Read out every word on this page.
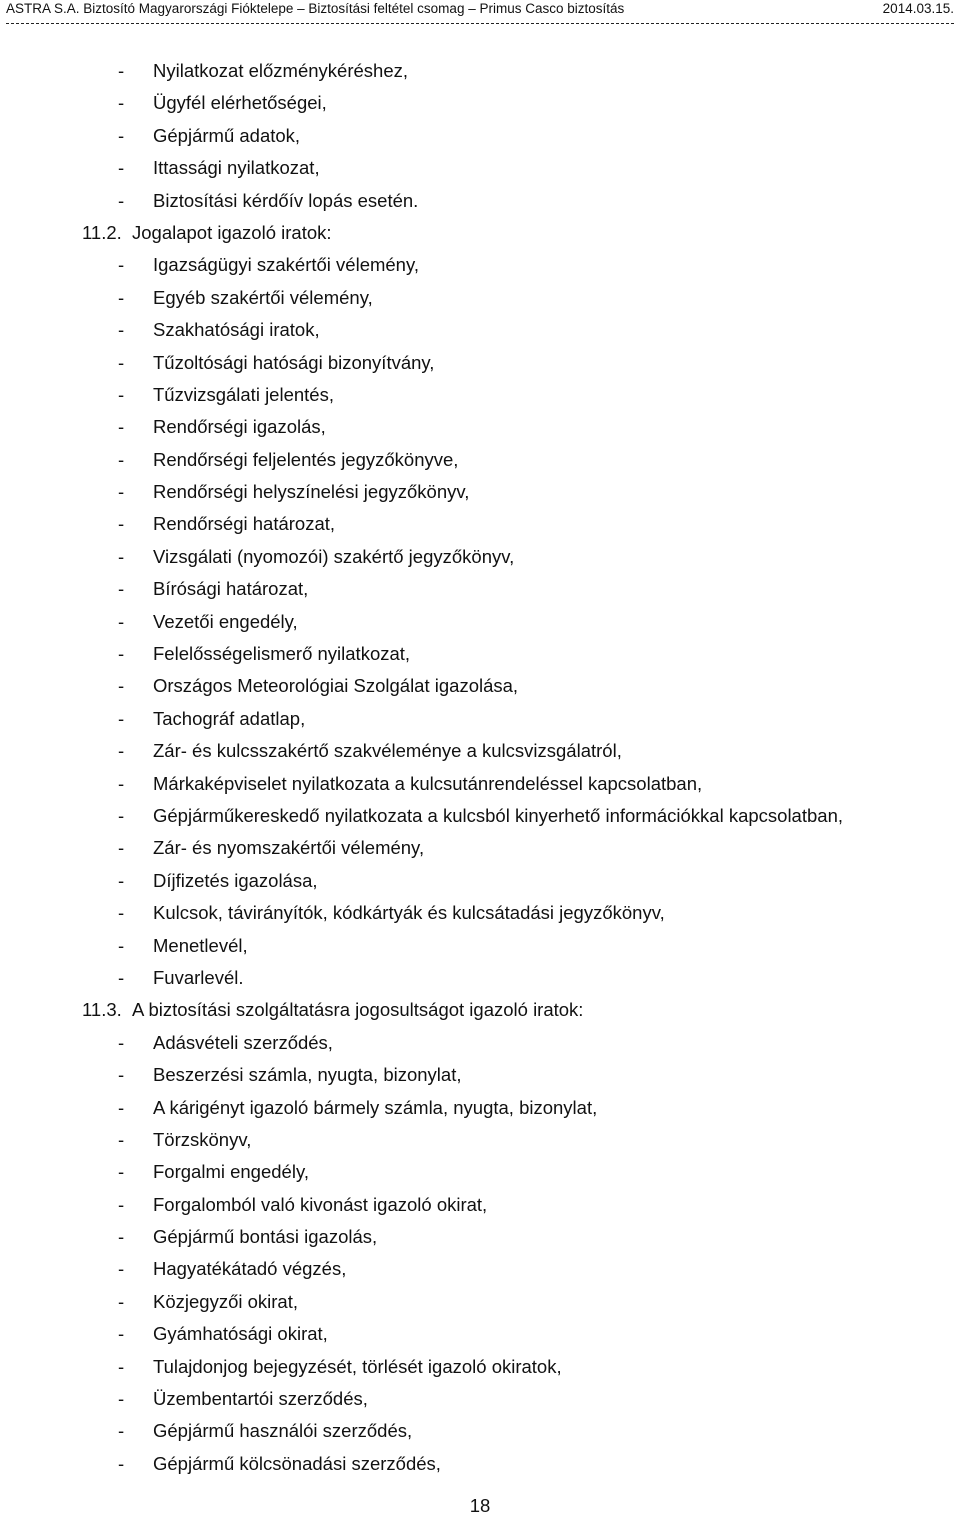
ASTRA S.A. Biztosító Magyarországi Fióktelepe – Biztosítási feltétel csomag – Primus Casco biztosítás	2014.03.15.
- Nyilatkozat előzménykéréshez,
- Ügyfél elérhetőségei,
- Gépjármű adatok,
- Ittassági nyilatkozat,
- Biztosítási kérdőív lopás esetén.
11.2. Jogalapot igazoló iratok:
- Igazságügyi szakértői vélemény,
- Egyéb szakértői vélemény,
- Szakhatósági iratok,
- Tűzoltósági hatósági bizonyítvány,
- Tűzvizsgálati jelentés,
- Rendőrségi igazolás,
- Rendőrségi feljelentés jegyzőkönyve,
- Rendőrségi helyszínelési jegyzőkönyv,
- Rendőrségi határozat,
- Vizsgálati (nyomozói) szakértő jegyzőkönyv,
- Bírósági határozat,
- Vezetői engedély,
- Felelősségelismerő nyilatkozat,
- Országos Meteorológiai Szolgálat igazolása,
- Tachográf adatlap,
- Zár- és kulcsszakértő szakvéleménye a kulcsvizsgálatról,
- Márkaképviselet nyilatkozata a kulcsutánrendeléssel kapcsolatban,
- Gépjárműkereskedő nyilatkozata a kulcsból kinyerhető információkkal kapcsolatban,
- Zár- és nyomszakértői vélemény,
- Díjfizetés igazolása,
- Kulcsok, távirányítók, kódkártyák és kulcsátadási jegyzőkönyv,
- Menetlevél,
- Fuvarlevél.
11.3. A biztosítási szolgáltatásra jogosultságot igazoló iratok:
- Adásvételi szerződés,
- Beszerzési számla, nyugta, bizonylat,
- A kárigényt igazoló bármely számla, nyugta, bizonylat,
- Törzskönyv,
- Forgalmi engedély,
- Forgalomból való kivonást igazoló okirat,
- Gépjármű bontási igazolás,
- Hagyatékátadó végzés,
- Közjegyzői okirat,
- Gyámhatósági okirat,
- Tulajdonjog bejegyzését, törlését igazoló okiratok,
- Üzembentartói szerződés,
- Gépjármű használói szerződés,
- Gépjármű kölcsönadási szerződés,
18
